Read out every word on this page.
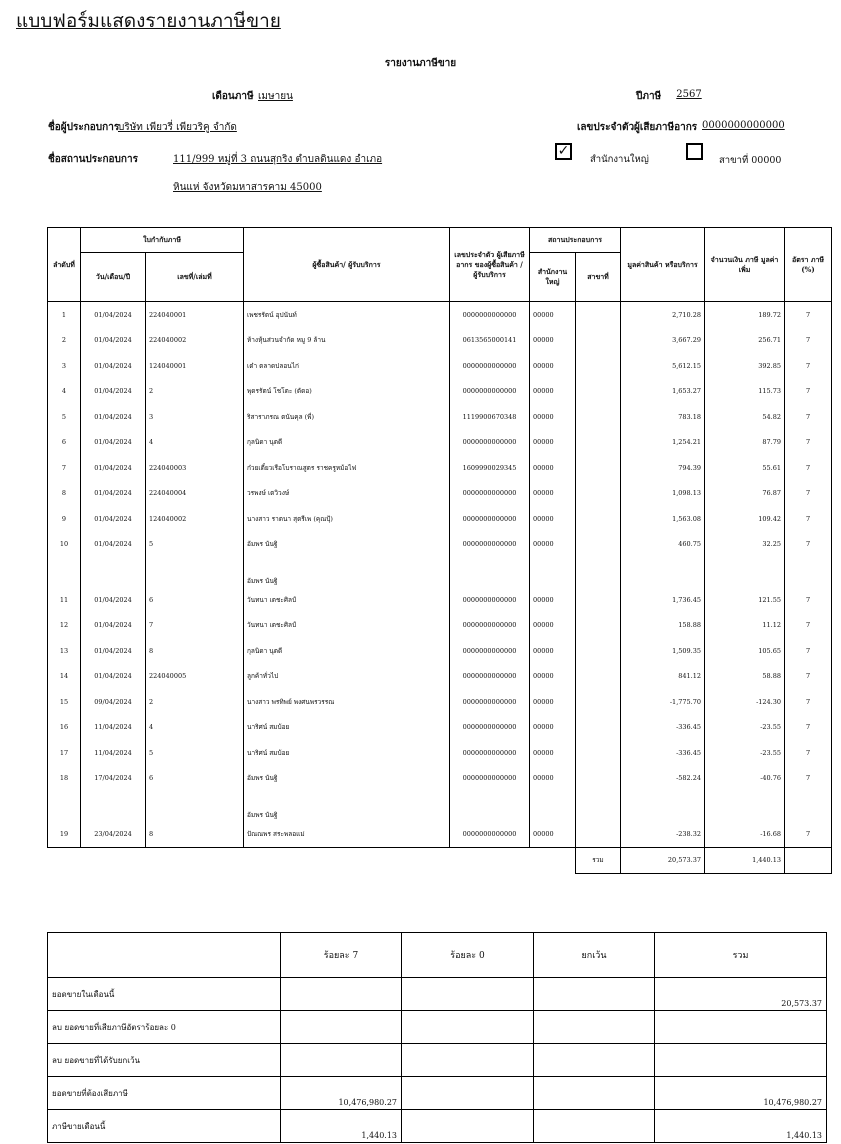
แบบฟอร์มแสดงรายงานภาษีขาย
รายงานภาษีขาย
เดือนภาษี เมษายน	ปีภาษี	2567
ชื่อผู้ประกอบการ
บริษัท เพียวรี่ เพียวริคู จำกัด	เลขประจำตัวผู้เสียภาษีอากร 0000000000000
ชื่อสถานประกอบการ	111/999 หมู่ที่ 3 ถนนสุกริง ตำบลดินแดง อำเภอ
หินแห่ จังหวัดมหาสารคาม 45000
✓
สำนักงานใหญ่	สาขาที่ 00000
ลำดับที่	ใบกำกับภาษี		ผู้ซื้อสินค้า/ ผู้รับบริการ	เลขประจำตัว ผู้เสียภาษีอากร ของผู้ซื้อสินค้า /ผู้รับบริการ	สถานประกอบการ		มูลค่าสินค้า หรือบริการ	จำนวนเงิน ภาษี มูลค่าเพิ่ม	อัตรา ภาษี (%)
	วัน/เดือน/ปี	เลขที่/เล่มที่			สำนักงาน ใหญ่	สาขาที่			
1	01/04/2024	224040001	เพชรรัตน์ อุปนันท์	0000000000000	00000		2,710.28	189.72	7
2	01/04/2024	224040002	ห้างหุ้นส่วนจำกัด หมู 9 ล้าน	0613565000141	00000		3,667.29	256.71	7
3	01/04/2024	124040001	เต๋า ตลาดปลอนไก่	0000000000000	00000		5,612.15	392.85	7
4	01/04/2024	2	พุดรรัตน์ โชโตะ (ตัดอ)	0000000000000	00000		1,653.27	115.73	7
5	01/04/2024	3	ริสาราภรณ ตนันคุล (พี่)	1119900670348	00000		783.18	54.82	7
6	01/04/2024	4	กุลนิดา นุตดี	0000000000000	00000		1,254.21	87.79	7
7	01/04/2024	224040003	ก๋วยเตี๋ยวเรือโบราณสูตร ราชครูหม้อไฟ	1609990029345	00000		794.39	55.61	7
8	01/04/2024	224040004	วรพงษ์ เตวิวงษ์	0000000000000	00000		1,098.13	76.87	7
9	01/04/2024	124040002	นางสาว ราตนา สุตรีเพ (คุณปุ้)	0000000000000	00000		1,563.08	109.42	7
10	01/04/2024	5	อัมพร นันฐิ	0000000000000	00000		460.75	32.25	7
			อัมพร นันฐิ						
11	01/04/2024	6	วันทนา เตชะศิลป์	0000000000000	00000		1,736.45	121.55	7
12	01/04/2024	7	วันทนา เตชะศิลป์	0000000000000	00000		158.88	11.12	7
13	01/04/2024	8	กุลนิดา นุตดี	0000000000000	00000		1,509.35	105.65	7
14	01/04/2024	224040005	ลูกค้าทั่วไป	0000000000000	00000		841.12	58.88	7
15	09/04/2024	2	นางสาว พรทิพย์ พงศนพรวรรณ	0000000000000	00000		-1,775.70	-124.30	7
16	11/04/2024	4	นาริศน์ สมบ้อย	0000000000000	00000		-336.45	-23.55	7
17	11/04/2024	5	นาริศน์ สมบ้อย	0000000000000	00000		-336.45	-23.55	7
18	17/04/2024	6	อัมพร นันฐิ	0000000000000	00000		-582.24	-40.76	7
			อัมพร นันฐิ						
19	23/04/2024	8	ปัณณพร สระพลอแม่	0000000000000	00000		-238.32	-16.68	7
						รวม	20,573.37	1,440.13	
	ร้อยละ 7	ร้อยละ 0	ยกเว้น	รวม
ยอดขายในเดือนนี้				20,573.37
ลบ ยอดขายที่เสียภาษีอัตราร้อยละ 0				
ลบ ยอดขายที่ได้รับยกเว้น				
ยอดขายที่ต้องเสียภาษี	10,476,980.27			10,476,980.27
ภาษีขายเดือนนี้	1,440.13			1,440.13
